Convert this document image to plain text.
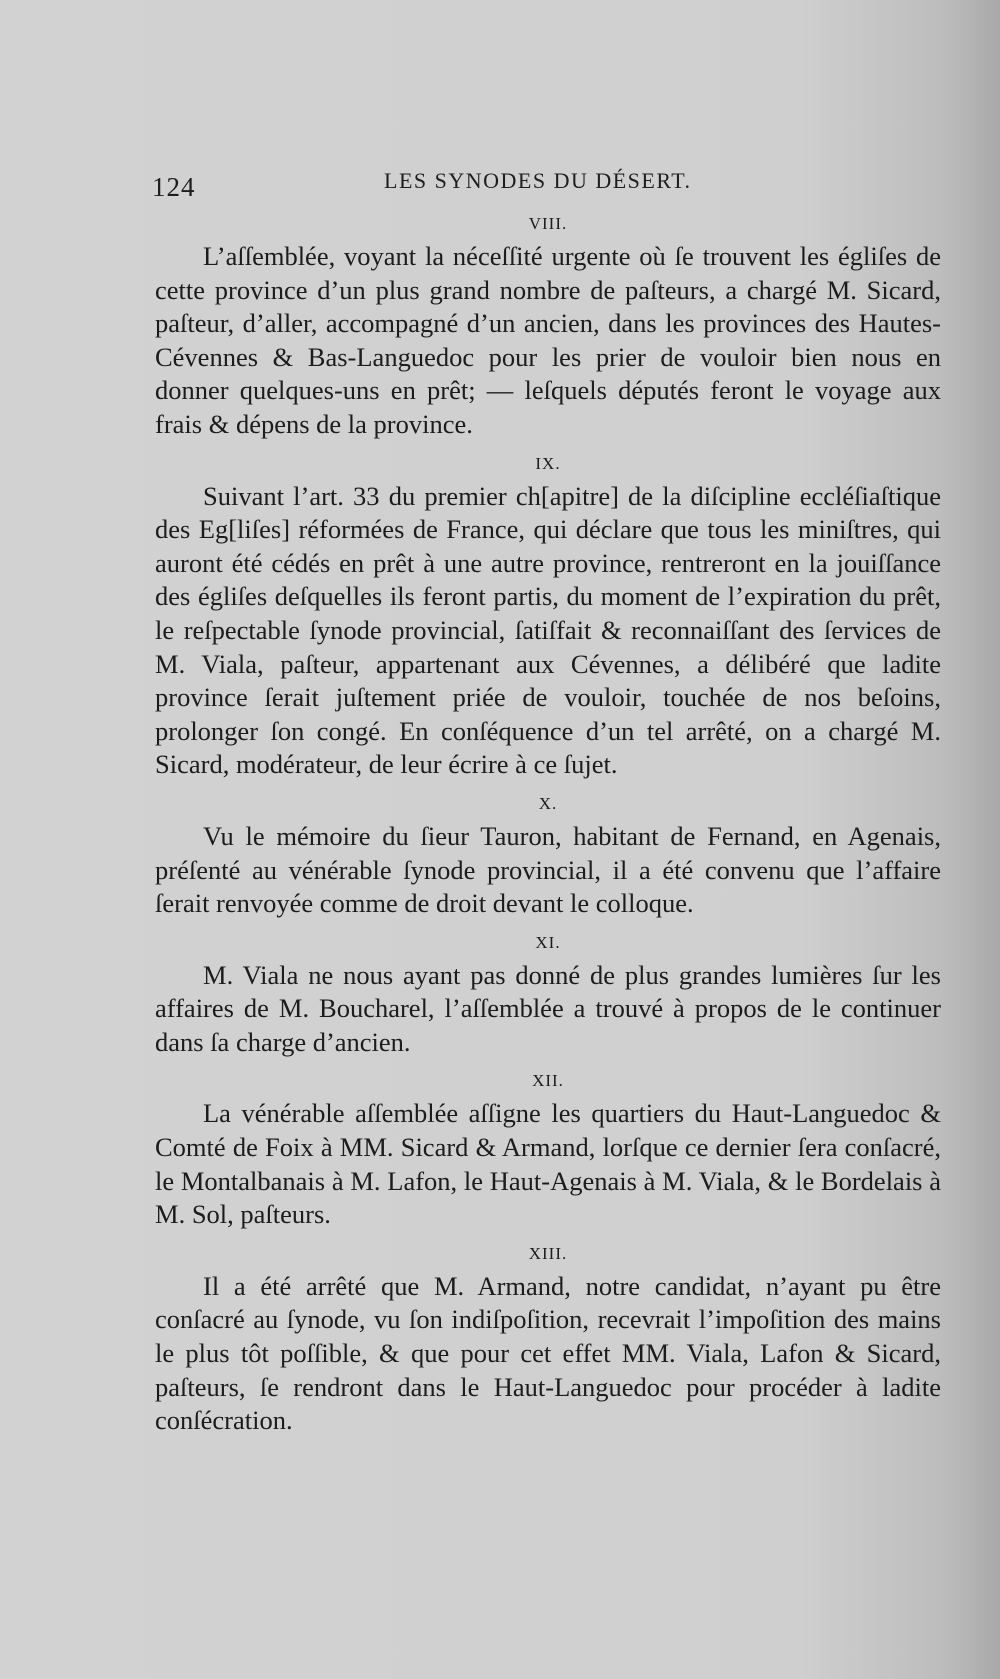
124	LES SYNODES DU DÉSERT.
VIII.

L’aſſemblée, voyant la néceſſité urgente où ſe trouvent les égliſes de cette province d’un plus grand nombre de paſteurs, a chargé M. Sicard, paſteur, d’aller, accompagné d’un ancien, dans les provinces des Hautes-Cévennes & Bas-Languedoc pour les prier de vouloir bien nous en donner quelques-uns en prêt; — leſquels députés feront le voyage aux frais & dépens de la province.

IX.

Suivant l’art. 33 du premier ch[apitre] de la diſcipline eccléſiaſtique des Eg[liſes] réformées de France, qui déclare que tous les miniſtres, qui auront été cédés en prêt à une autre province, rentreront en la jouiſſance des égliſes deſquelles ils feront partis, du moment de l’expiration du prêt, le reſpectable ſynode provincial, ſatiſfait & reconnaiſſant des ſervices de M. Viala, paſteur, appartenant aux Cévennes, a délibéré que ladite province ſerait juſtement priée de vouloir, touchée de nos beſoins, prolonger ſon congé. En conſéquence d’un tel arrêté, on a chargé M. Sicard, modérateur, de leur écrire à ce ſujet.

X.

Vu le mémoire du ſieur Tauron, habitant de Fernand, en Agenais, préſenté au vénérable ſynode provincial, il a été convenu que l’affaire ſerait renvoyée comme de droit devant le colloque.

XI.

M. Viala ne nous ayant pas donné de plus grandes lumières ſur les affaires de M. Boucharel, l’aſſemblée a trouvé à propos de le continuer dans ſa charge d’ancien.

XII.

La vénérable aſſemblée aſſigne les quartiers du Haut-Languedoc & Comté de Foix à MM. Sicard & Armand, lorſque ce dernier ſera conſacré, le Montalbanais à M. Lafon, le Haut-Agenais à M. Viala, & le Bordelais à M. Sol, paſteurs.

XIII.

Il a été arrêté que M. Armand, notre candidat, n’ayant pu être conſacré au ſynode, vu ſon indiſpoſition, recevrait l’impoſition des mains le plus tôt poſſible, & que pour cet effet MM. Viala, Lafon & Sicard, paſteurs, ſe rendront dans le Haut-Languedoc pour procéder à ladite conſécration.
